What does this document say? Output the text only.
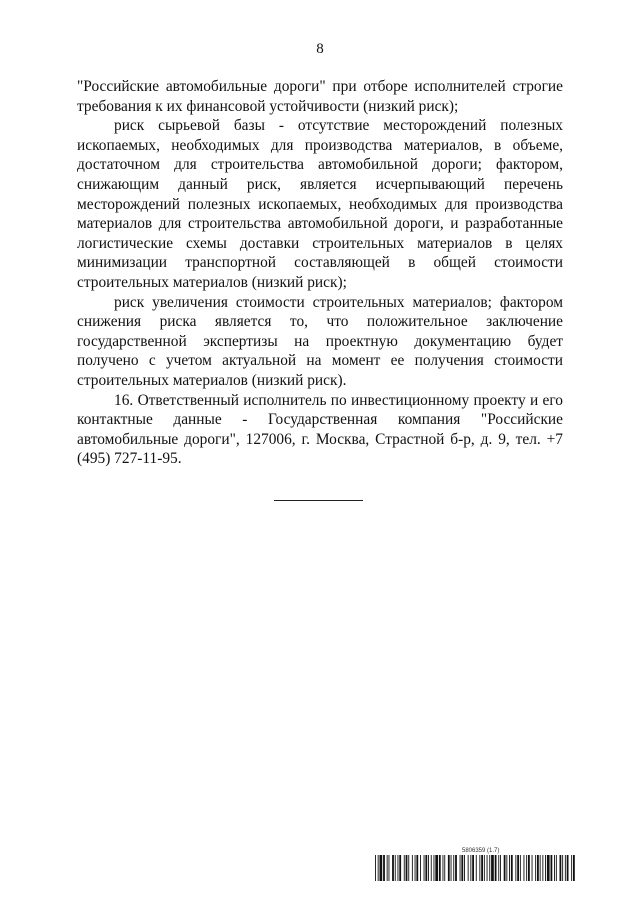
8

"Российские автомобильные дороги" при отборе исполнителей строгие требования к их финансовой устойчивости (низкий риск);

риск сырьевой базы - отсутствие месторождений полезных ископаемых, необходимых для производства материалов, в объеме, достаточном для строительства автомобильной дороги; фактором, снижающим данный риск, является исчерпывающий перечень месторождений полезных ископаемых, необходимых для производства материалов для строительства автомобильной дороги, и разработанные логистические схемы доставки строительных материалов в целях минимизации транспортной составляющей в общей стоимости строительных материалов (низкий риск);

риск увеличения стоимости строительных материалов; фактором снижения риска является то, что положительное заключение государственной экспертизы на проектную документацию будет получено с учетом актуальной на момент ее получения стоимости строительных материалов (низкий риск).

16. Ответственный исполнитель по инвестиционному проекту и его контактные данные - Государственная компания "Российские автомобильные дороги", 127006, г. Москва, Страстной б-р, д. 9, тел. +7 (495) 727-11-95.

5806359 (1.7)
